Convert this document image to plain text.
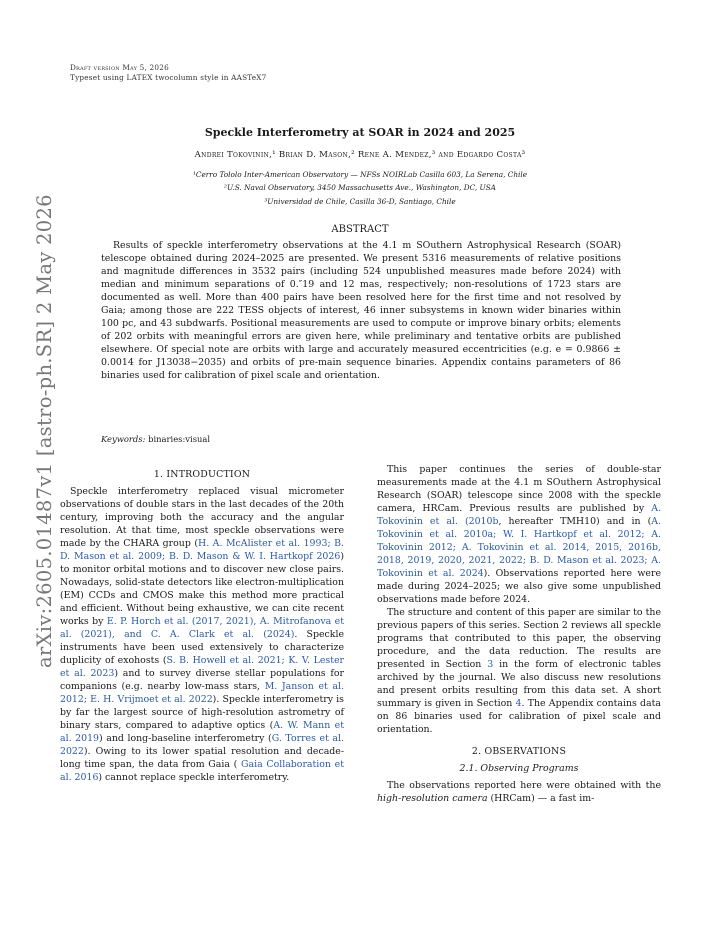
Draft version May 5, 2026
Typeset using LATEX twocolumn style in AASTeX7
arXiv:2605.01487v1 [astro-ph.SR] 2 May 2026
Speckle Interferometry at SOAR in 2024 and 2025
Andrei Tokovinin,¹ Brian D. Mason,² Rene A. Mendez,³ and Edgardo Costa³
¹Cerro Tololo Inter-American Observatory — NFSs NOIRLab Casilla 603, La Serena, Chile
²U.S. Naval Observatory, 3450 Massachusetts Ave., Washington, DC, USA
³Universidad de Chile, Casilla 36-D, Santiago, Chile
ABSTRACT
Results of speckle interferometry observations at the 4.1 m SOuthern Astrophysical Research (SOAR) telescope obtained during 2024–2025 are presented. We present 5316 measurements of relative positions and magnitude differences in 3532 pairs (including 524 unpublished measures made before 2024) with median and minimum separations of 0.″19 and 12 mas, respectively; non-resolutions of 1723 stars are documented as well. More than 400 pairs have been resolved here for the first time and not resolved by Gaia; among those are 222 TESS objects of interest, 46 inner subsystems in known wider binaries within 100 pc, and 43 subdwarfs. Positional measurements are used to compute or improve binary orbits; elements of 202 orbits with meaningful errors are given here, while preliminary and tentative orbits are published elsewhere. Of special note are orbits with large and accurately measured eccentricities (e.g. e = 0.9866 ± 0.0014 for J13038−2035) and orbits of pre-main sequence binaries. Appendix contains parameters of 86 binaries used for calibration of pixel scale and orientation.
Keywords: binaries:visual
1. INTRODUCTION

Speckle interferometry replaced visual micrometer observations of double stars in the last decades of the 20th century, improving both the accuracy and the angular resolution. At that time, most speckle observations were made by the CHARA group (H. A. McAlister et al. 1993; B. D. Mason et al. 2009; B. D. Mason & W. I. Hartkopf 2026) to monitor orbital motions and to discover new close pairs. Nowadays, solid-state detectors like electron-multiplication (EM) CCDs and CMOS make this method more practical and efficient. Without being exhaustive, we can cite recent works by E. P. Horch et al. (2017, 2021), A. Mitrofanova et al. (2021), and C. A. Clark et al. (2024). Speckle instruments have been used extensively to characterize duplicity of exohosts (S. B. Howell et al. 2021; K. V. Lester et al. 2023) and to survey diverse stellar populations for companions (e.g. nearby low-mass stars, M. Janson et al. 2012; E. H. Vrijmoet et al. 2022). Speckle interferometry is by far the largest source of high-resolution astrometry of binary stars, compared to adaptive optics (A. W. Mann et al. 2019) and long-baseline interferometry (G. Torres et al. 2022). Owing to its lower spatial resolution and decade-long time span, the data from Gaia ( Gaia Collaboration et al. 2016) cannot replace speckle interferometry.

This paper continues the series of double-star measurements made at the 4.1 m SOuthern Astrophysical Research (SOAR) telescope since 2008 with the speckle camera, HRCam. Previous results are published by A. Tokovinin et al. (2010b, hereafter TMH10) and in (A. Tokovinin et al. 2010a; W. I. Hartkopf et al. 2012; A. Tokovinin 2012; A. Tokovinin et al. 2014, 2015, 2016b, 2018, 2019, 2020, 2021, 2022; B. D. Mason et al. 2023; A. Tokovinin et al. 2024). Observations reported here were made during 2024–2025; we also give some unpublished observations made before 2024.

The structure and content of this paper are similar to the previous papers of this series. Section 2 reviews all speckle programs that contributed to this paper, the observing procedure, and the data reduction. The results are presented in Section 3 in the form of electronic tables archived by the journal. We also discuss new resolutions and present orbits resulting from this data set. A short summary is given in Section 4. The Appendix contains data on 86 binaries used for calibration of pixel scale and orientation.

2. OBSERVATIONS
2.1. Observing Programs

The observations reported here were obtained with the high-resolution camera (HRCam) — a fast im-
